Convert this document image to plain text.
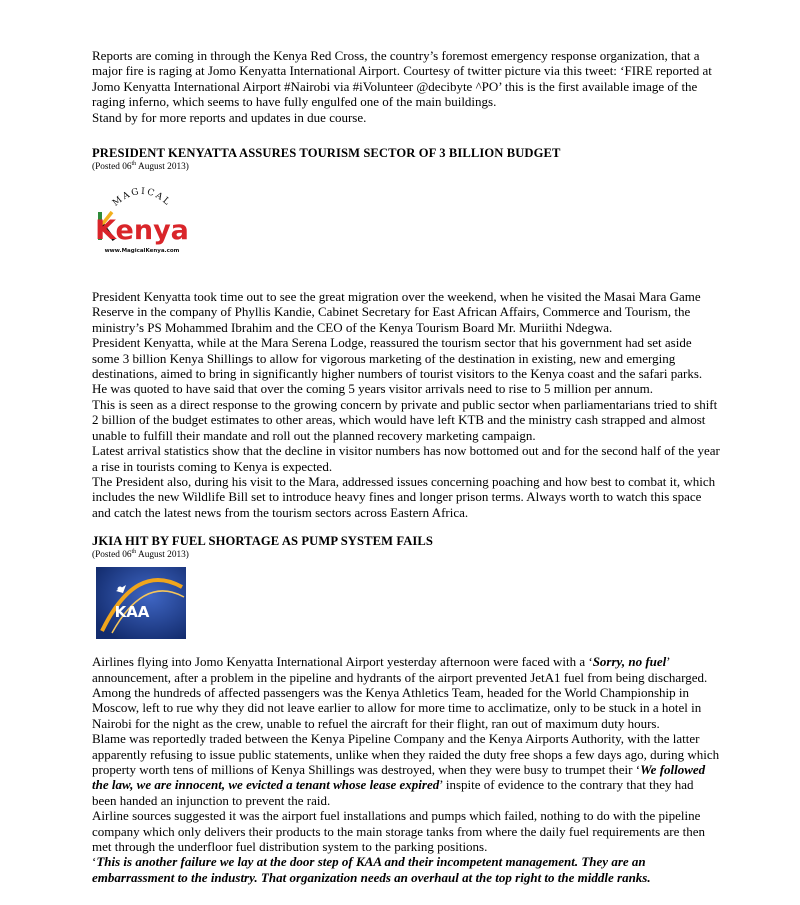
Reports are coming in through the Kenya Red Cross, the country’s foremost emergency response organization, that a major fire is raging at Jomo Kenyatta International Airport. Courtesy of twitter picture via this tweet: ‘FIRE reported at Jomo Kenyatta International Airport #Nairobi via #iVolunteer @decibyte ^PO’ this is the first available image of the raging inferno, which seems to have fully engulfed one of the main buildings.

Stand by for more reports and updates in due course.

PRESIDENT KENYATTA ASSURES TOURISM SECTOR OF 3 BILLION BUDGET

(Posted 06th August 2013)

MAGICAL
Kenya
www.MagicalKenya.com

President Kenyatta took time out to see the great migration over the weekend, when he visited the Masai Mara Game Reserve in the company of Phyllis Kandie, Cabinet Secretary for East African Affairs, Commerce and Tourism, the ministry’s PS Mohammed Ibrahim and the CEO of the Kenya Tourism Board Mr. Muriithi Ndegwa.

President Kenyatta, while at the Mara Serena Lodge, reassured the tourism sector that his government had set aside some 3 billion Kenya Shillings to allow for vigorous marketing of the destination in existing, new and emerging destinations, aimed to bring in significantly higher numbers of tourist visitors to the Kenya coast and the safari parks. He was quoted to have said that over the coming 5 years visitor arrivals need to rise to 5 million per annum.

This is seen as a direct response to the growing concern by private and public sector when parliamentarians tried to shift 2 billion of the budget estimates to other areas, which would have left KTB and the ministry cash strapped and almost unable to fulfill their mandate and roll out the planned recovery marketing campaign.

Latest arrival statistics show that the decline in visitor numbers has now bottomed out and for the second half of the year a rise in tourists coming to Kenya is expected.

The President also, during his visit to the Mara, addressed issues concerning poaching and how best to combat it, which includes the new Wildlife Bill set to introduce heavy fines and longer prison terms. Always worth to watch this space and catch the latest news from the tourism sectors across Eastern Africa.

JKIA HIT BY FUEL SHORTAGE AS PUMP SYSTEM FAILS

(Posted 06th August 2013)

KAA

Airlines flying into Jomo Kenyatta International Airport yesterday afternoon were faced with a ‘Sorry, no fuel’ announcement, after a problem in the pipeline and hydrants of the airport prevented JetA1 fuel from being discharged.

Among the hundreds of affected passengers was the Kenya Athletics Team, headed for the World Championship in Moscow, left to rue why they did not leave earlier to allow for more time to acclimatize, only to be stuck in a hotel in Nairobi for the night as the crew, unable to refuel the aircraft for their flight, ran out of maximum duty hours.

Blame was reportedly traded between the Kenya Pipeline Company and the Kenya Airports Authority, with the latter apparently refusing to issue public statements, unlike when they raided the duty free shops a few days ago, during which property worth tens of millions of Kenya Shillings was destroyed, when they were busy to trumpet their ‘We followed the law, we are innocent, we evicted a tenant whose lease expired’ inspite of evidence to the contrary that they had been handed an injunction to prevent the raid.

Airline sources suggested it was the airport fuel installations and pumps which failed, nothing to do with the pipeline company which only delivers their products to the main storage tanks from where the daily fuel requirements are then met through the underfloor fuel distribution system to the parking positions.

‘This is another failure we lay at the door step of KAA and their incompetent management. They are an embarrassment to the industry. That organization needs an overhaul at the top right to the middle ranks.
